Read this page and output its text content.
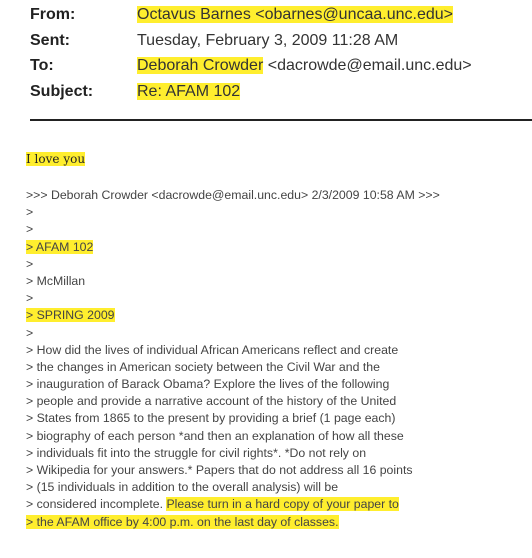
From:	Octavus Barnes <obarnes@uncaa.unc.edu>
Sent:	Tuesday, February 3, 2009 11:28 AM
To:	Deborah Crowder <dacrowde@email.unc.edu>
Subject:	Re: AFAM 102

I love you

>>> Deborah Crowder <dacrowde@email.unc.edu> 2/3/2009 10:58 AM >>>
>
>
> AFAM 102
>
> McMillan
>
> SPRING 2009
>
> How did the lives of individual African Americans reflect and create
> the changes in American society between the Civil War and the
> inauguration of Barack Obama? Explore the lives of the following
> people and provide a narrative account of the history of the United
> States from 1865 to the present by providing a brief (1 page each)
> biography of each person *and then an explanation of how all these
> individuals fit into the struggle for civil rights*. *Do not rely on
> Wikipedia for your answers.* Papers that do not address all 16 points
> (15 individuals in addition to the overall analysis) will be
> considered incomplete. Please turn in a hard copy of your paper to
> the AFAM office by 4:00 p.m. on the last day of classes.
